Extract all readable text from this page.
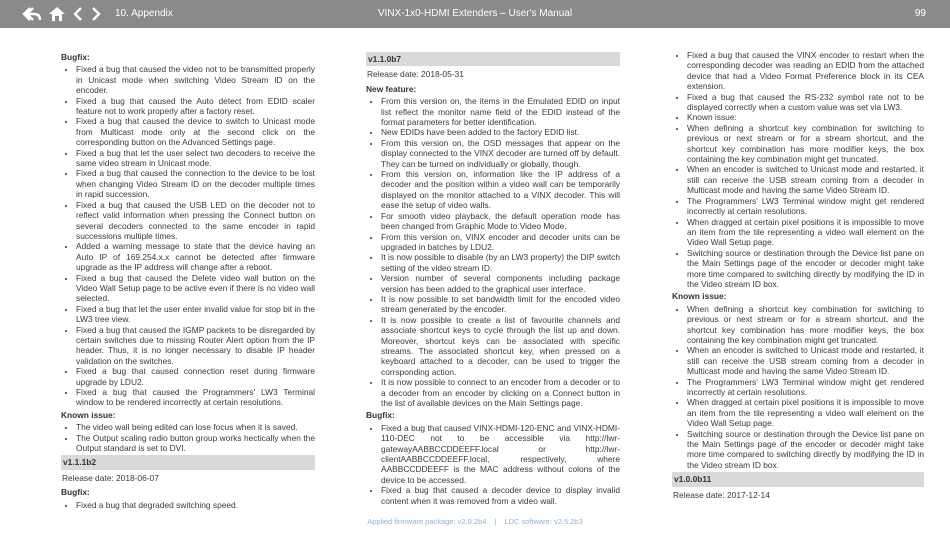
10. Appendix	VINX-1x0-HDMI Extenders – User's Manual	99
Bugfix:
• Fixed a bug that caused the video not to be transmitted properly in Unicast mode when switching Video Stream ID on the encoder.
• Fixed a bug that caused the Auto detect from EDID scaler feature not to work properly after a factory reset.
• Fixed a bug that caused the device to switch to Unicast mode from Multicast mode only at the second click on the corresponding button on the Advanced Settings page.
• Fixed a bug that let the user select two decoders to receive the same video stream in Unicast mode.
• Fixed a bug that caused the connection to the device to be lost when changing Video Stream ID on the decoder multiple times in rapid succession.
• Fixed a bug that caused the USB LED on the decoder not to reflect valid information when pressing the Connect button on several decoders connected to the same encoder in rapid successions multiple times.
• Added a warning message to state that the device having an Auto IP of 169.254.x.x cannot be detected after firmware upgrade as the IP address will change after a reboot.
• Fixed a bug that caused the Delete video wall button on the Video Wall Setup page to be active even if there is no video wall selected.
• Fixed a bug that let the user enter invalid value for stop bit in the LW3 tree view.
• Fixed a bug that caused the IGMP packets to be disregarded by certain switches due to missing Router Alert option from the IP header. Thus, it is no longer necessary to disable IP header validation on the switches.
• Fixed a bug that caused connection reset during firmware upgrade by LDU2.
• Fixed a bug that caused the Programmers' LW3 Terminal window to be rendered incorrectly at certain resolutions.
Known issue:
• The video wall being edited can lose focus when it is saved.
• The Output scaling radio button group works hectically when the Output standard is set to DVI.
v1.1.1b2
Release date: 2018-06-07
Bugfix:
• Fixed a bug that degraded switching speed.
v1.1.0b7
Release date: 2018-05-31
New feature:
• From this version on, the items in the Emulated EDID on input list reflect the monitor name field of the EDID instead of the format parameters for better identification.
• New EDIDs have been added to the factory EDID list.
• From this version on, the OSD messages that appear on the display connected to the VINX decoder are turned off by default. They can be turned on individually or globally, though.
• From this version on, information like the IP address of a decoder and the position within a video wall can be temporarily displayed on the monitor attached to a VINX decoder. This will ease the setup of video walls.
• For smooth video playback, the default operation mode has been changed from Graphic Mode to Video Mode.
• From this version on, VINX encoder and decoder units can be upgraded in batches by LDU2.
• It is now possible to disable (by an LW3 property) the DIP switch setting of the video stream ID.
• Version number of several components including package version has been added to the graphical user interface.
• It is now possible to set bandwidth limit for the encoded video stream generated by the encoder.
• It is now possible to create a list of favourite channels and associate shortcut keys to cycle through the list up and down. Moreover, shortcut keys can be associated with specific streams. The associated shortcut key, when pressed on a keyboard attached to a decoder, can be used to trigger the corrsponding action.
• It is now possible to connect to an encoder from a decoder or to a decoder from an encoder by clicking on a Connect button in the list of available devices on the Main Settings page.
Bugfix:
• Fixed a bug that caused VINX-HDMI-120-ENC and VINX-HDMI-110-DEC not to be accessible via http://lwr-gatewayAABBCCDDEEFF.local or http://lwr-clientAABBCCDDEEFF.local, respectively, where AABBCCDDEEFF is the MAC address without colons of the device to be accessed.
• Fixed a bug that caused a decoder device to display invalid content when it was removed from a video wall.
• Fixed a bug that caused the VINX encoder to restart when the corresponding decoder was reading an EDID from the attached device that had a Video Format Preference block in its CEA extension.
• Fixed a bug that caused the RS-232 symbol rate not to be displayed correctly when a custom value was set via LW3.
• Known issue:
• When defining a shortcut key combination for switching to previous or next stream or for a stream shortcut, and the shortcut key combination has more modifier keys, the box containing the key combination might get truncated.
• When an encoder is switched to Unicast mode and restarted, it still can receive the USB stream coming from a decoder in Multicast mode and having the same Video Stream ID.
• The Programmers' LW3 Terminal window might get rendered incorrectly at certain resolutions.
• When dragged at certain pixel positions it is impossible to move an item from the tile representing a video wall element on the Video Wall Setup page.
• Switching source or destination through the Device list pane on the Main Settings page of the encoder or decoder might take more time compared to switching directly by modifying the ID in the Video stream ID box.
Known issue:
• When defining a shortcut key combination for switching to previous or next stream or for a stream shortcut, and the shortcut key combination has more modifier keys, the box containing the key combination might get truncated.
• When an encoder is switched to Unicast mode and restarted, it still can receive the USB stream coming from a decoder in Multicast mode and having the same Video Stream ID.
• The Programmers' LW3 Terminal window might get rendered incorrectly at certain resolutions.
• When dragged at certain pixel positions it is impossible to move an item from the tile representing a video wall element on the Video Wall Setup page.
• Switching source or destination through the Device list pane on the Main Settings page of the encoder or decoder might take more time compared to switching directly by modifying the ID in the Video stream ID box.
v1.0.0b11
Release date: 2017-12-14
Applied firmware package: v2.0.2b4 | LDC software: v2.5.2b3
